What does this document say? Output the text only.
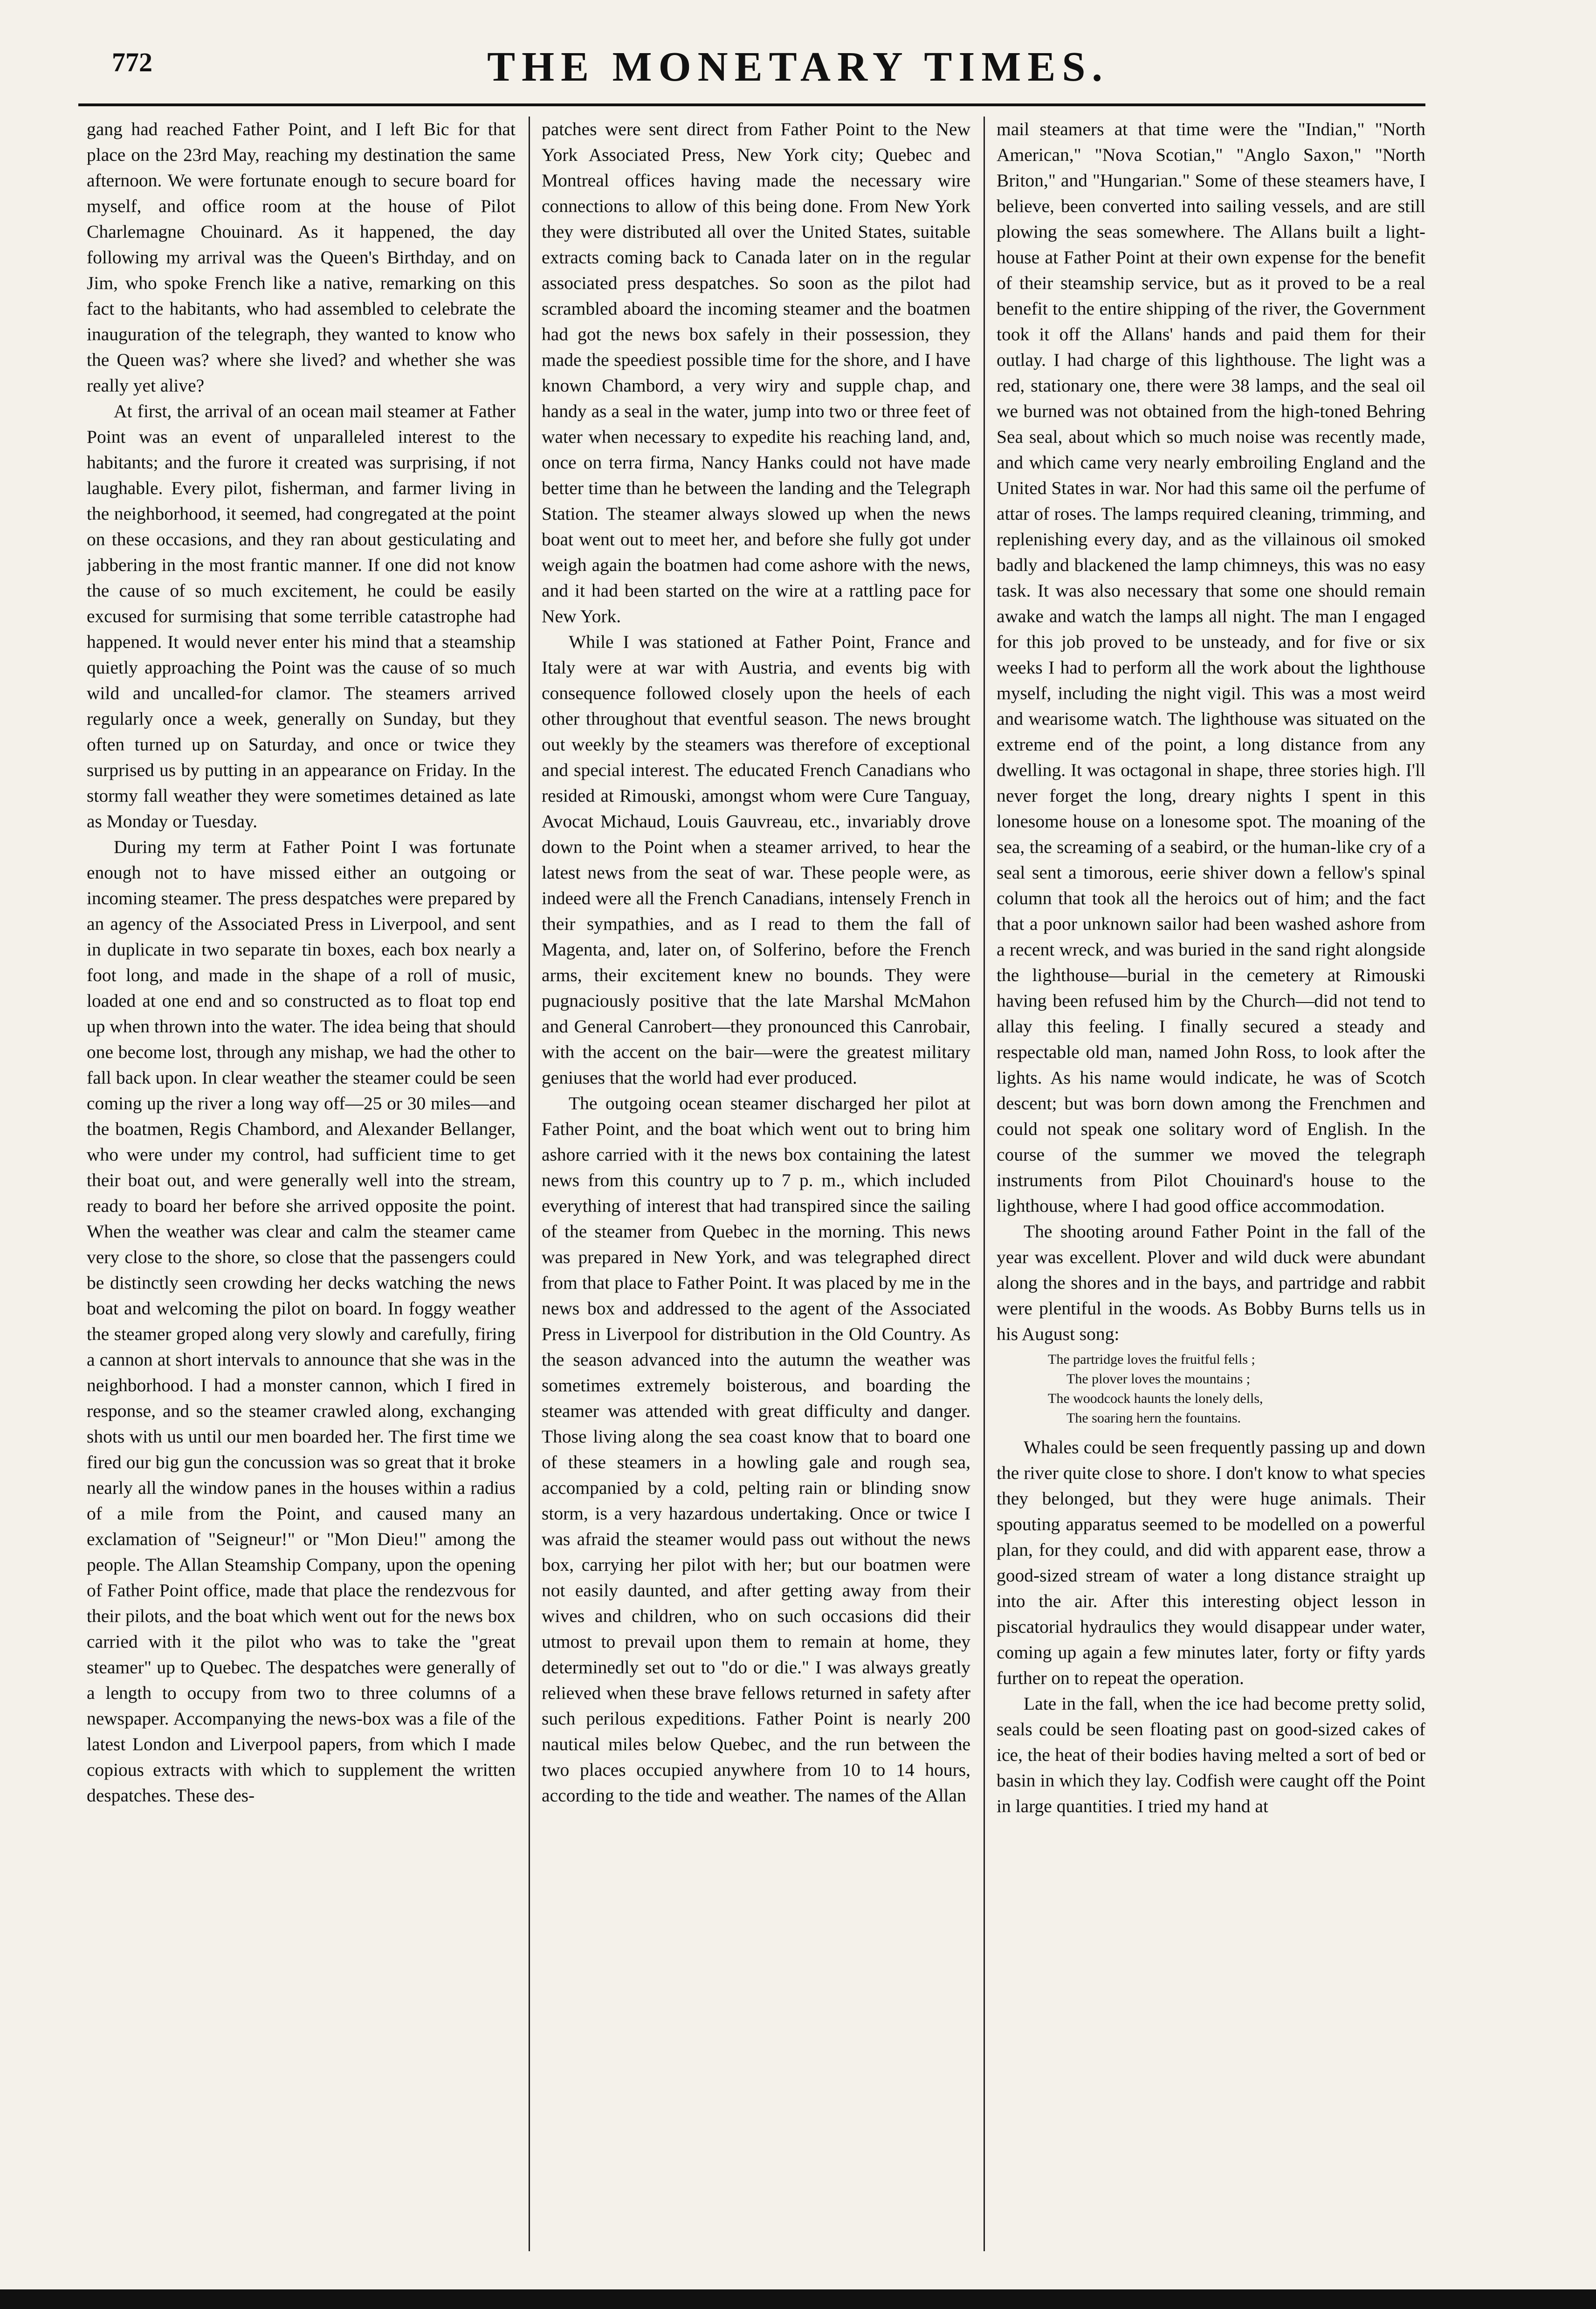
772	THE MONETARY TIMES.

gang had reached Father Point, and I left Bic for that place on the 23rd May, reaching my destination the same afternoon. We were fortunate enough to secure board for myself, and office room at the house of Pilot Charlemagne Chouinard. As it happened, the day following my arrival was the Queen's Birthday, and on Jim, who spoke French like a native, remarking on this fact to the habitants, who had assembled to celebrate the inauguration of the telegraph, they wanted to know who the Queen was? where she lived? and whether she was really yet alive?

At first, the arrival of an ocean mail steamer at Father Point was an event of unparalleled interest to the habitants; and the furore it created was surprising, if not laughable. Every pilot, fisherman, and farmer living in the neighborhood, it seemed, had congregated at the point on these occasions, and they ran about gesticulating and jabbering in the most frantic manner. If one did not know the cause of so much excitement, he could be easily excused for surmising that some terrible catastrophe had happened. It would never enter his mind that a steamship quietly approaching the Point was the cause of so much wild and uncalled-for clamor. The steamers arrived regularly once a week, generally on Sunday, but they often turned up on Saturday, and once or twice they surprised us by putting in an appearance on Friday. In the stormy fall weather they were sometimes detained as late as Monday or Tuesday.

During my term at Father Point I was fortunate enough not to have missed either an outgoing or incoming steamer. The press despatches were prepared by an agency of the Associated Press in Liverpool, and sent in duplicate in two separate tin boxes, each box nearly a foot long, and made in the shape of a roll of music, loaded at one end and so constructed as to float top end up when thrown into the water. The idea being that should one become lost, through any mishap, we had the other to fall back upon. In clear weather the steamer could be seen coming up the river a long way off—25 or 30 miles—and the boatmen, Regis Chambord, and Alexander Bellanger, who were under my control, had sufficient time to get their boat out, and were generally well into the stream, ready to board her before she arrived opposite the point. When the weather was clear and calm the steamer came very close to the shore, so close that the passengers could be distinctly seen crowding her decks watching the news boat and welcoming the pilot on board. In foggy weather the steamer groped along very slowly and carefully, firing a cannon at short intervals to announce that she was in the neighborhood. I had a monster cannon, which I fired in response, and so the steamer crawled along, exchanging shots with us until our men boarded her. The first time we fired our big gun the concussion was so great that it broke nearly all the window panes in the houses within a radius of a mile from the Point, and caused many an exclamation of "Seigneur!" or "Mon Dieu!" among the people. The Allan Steamship Company, upon the opening of Father Point office, made that place the rendezvous for their pilots, and the boat which went out for the news box carried with it the pilot who was to take the "great steamer" up to Quebec. The despatches were generally of a length to occupy from two to three columns of a newspaper. Accompanying the news-box was a file of the latest London and Liverpool papers, from which I made copious extracts with which to supplement the written despatches. These des-

patches were sent direct from Father Point to the New York Associated Press, New York city; Quebec and Montreal offices having made the necessary wire connections to allow of this being done. From New York they were distributed all over the United States, suitable extracts coming back to Canada later on in the regular associated press despatches. So soon as the pilot had scrambled aboard the incoming steamer and the boatmen had got the news box safely in their possession, they made the speediest possible time for the shore, and I have known Chambord, a very wiry and supple chap, and handy as a seal in the water, jump into two or three feet of water when necessary to expedite his reaching land, and, once on terra firma, Nancy Hanks could not have made better time than he between the landing and the Telegraph Station. The steamer always slowed up when the news boat went out to meet her, and before she fully got under weigh again the boatmen had come ashore with the news, and it had been started on the wire at a rattling pace for New York.

While I was stationed at Father Point, France and Italy were at war with Austria, and events big with consequence followed closely upon the heels of each other throughout that eventful season. The news brought out weekly by the steamers was therefore of exceptional and special interest. The educated French Canadians who resided at Rimouski, amongst whom were Cure Tanguay, Avocat Michaud, Louis Gauvreau, etc., invariably drove down to the Point when a steamer arrived, to hear the latest news from the seat of war. These people were, as indeed were all the French Canadians, intensely French in their sympathies, and as I read to them the fall of Magenta, and, later on, of Solferino, before the French arms, their excitement knew no bounds. They were pugnaciously positive that the late Marshal McMahon and General Canrobert—they pronounced this Canrobair, with the accent on the bair—were the greatest military geniuses that the world had ever produced.

The outgoing ocean steamer discharged her pilot at Father Point, and the boat which went out to bring him ashore carried with it the news box containing the latest news from this country up to 7 p. m., which included everything of interest that had transpired since the sailing of the steamer from Quebec in the morning. This news was prepared in New York, and was telegraphed direct from that place to Father Point. It was placed by me in the news box and addressed to the agent of the Associated Press in Liverpool for distribution in the Old Country. As the season advanced into the autumn the weather was sometimes extremely boisterous, and boarding the steamer was attended with great difficulty and danger. Those living along the sea coast know that to board one of these steamers in a howling gale and rough sea, accompanied by a cold, pelting rain or blinding snow storm, is a very hazardous undertaking. Once or twice I was afraid the steamer would pass out without the news box, carrying her pilot with her; but our boatmen were not easily daunted, and after getting away from their wives and children, who on such occasions did their utmost to prevail upon them to remain at home, they determinedly set out to "do or die." I was always greatly relieved when these brave fellows returned in safety after such perilous expeditions. Father Point is nearly 200 nautical miles below Quebec, and the run between the two places occupied anywhere from 10 to 14 hours, according to the tide and weather. The names of the Allan

mail steamers at that time were the "Indian," "North American," "Nova Scotian," "Anglo Saxon," "North Briton," and "Hungarian." Some of these steamers have, I believe, been converted into sailing vessels, and are still plowing the seas somewhere. The Allans built a light-house at Father Point at their own expense for the benefit of their steamship service, but as it proved to be a real benefit to the entire shipping of the river, the Government took it off the Allans' hands and paid them for their outlay. I had charge of this lighthouse. The light was a red, stationary one, there were 38 lamps, and the seal oil we burned was not obtained from the high-toned Behring Sea seal, about which so much noise was recently made, and which came very nearly embroiling England and the United States in war. Nor had this same oil the perfume of attar of roses. The lamps required cleaning, trimming, and replenishing every day, and as the villainous oil smoked badly and blackened the lamp chimneys, this was no easy task. It was also necessary that some one should remain awake and watch the lamps all night. The man I engaged for this job proved to be unsteady, and for five or six weeks I had to perform all the work about the lighthouse myself, including the night vigil. This was a most weird and wearisome watch. The lighthouse was situated on the extreme end of the point, a long distance from any dwelling. It was octagonal in shape, three stories high. I'll never forget the long, dreary nights I spent in this lonesome house on a lonesome spot. The moaning of the sea, the screaming of a seabird, or the human-like cry of a seal sent a timorous, eerie shiver down a fellow's spinal column that took all the heroics out of him; and the fact that a poor unknown sailor had been washed ashore from a recent wreck, and was buried in the sand right alongside the lighthouse—burial in the cemetery at Rimouski having been refused him by the Church—did not tend to allay this feeling. I finally secured a steady and respectable old man, named John Ross, to look after the lights. As his name would indicate, he was of Scotch descent; but was born down among the Frenchmen and could not speak one solitary word of English. In the course of the summer we moved the telegraph instruments from Pilot Chouinard's house to the lighthouse, where I had good office accommodation.

The shooting around Father Point in the fall of the year was excellent. Plover and wild duck were abundant along the shores and in the bays, and partridge and rabbit were plentiful in the woods. As Bobby Burns tells us in his August song:

The partridge loves the fruitful fells ;
The plover loves the mountains ;
The woodcock haunts the lonely dells,
The soaring hern the fountains.

Whales could be seen frequently passing up and down the river quite close to shore. I don't know to what species they belonged, but they were huge animals. Their spouting apparatus seemed to be modelled on a powerful plan, for they could, and did with apparent ease, throw a good-sized stream of water a long distance straight up into the air. After this interesting object lesson in piscatorial hydraulics they would disappear under water, coming up again a few minutes later, forty or fifty yards further on to repeat the operation.

Late in the fall, when the ice had become pretty solid, seals could be seen floating past on good-sized cakes of ice, the heat of their bodies having melted a sort of bed or basin in which they lay. Codfish were caught off the Point in large quantities. I tried my hand at
